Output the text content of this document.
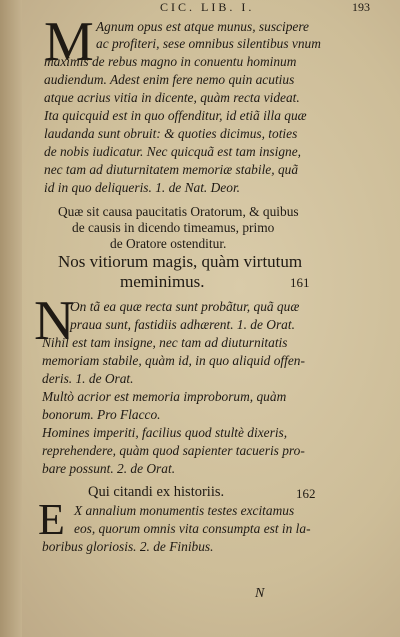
CIC. LIB. I.	193
M Agnum opus est atque munus, suscipere
ac profiteri, sese omnibus silentibus vnum
maximis de rebus magno in conuentu hominum
audiendum. Adest enim fere nemo quin acutius
atque acrius vitia in dicente, quàm recta videat.
Ita quicquid est in quo offenditur, id etiã illa quæ
laudanda sunt obruit: & quoties dicimus, toties
de nobis iudicatur. Nec quicquã est tam insigne,
nec tam ad diuturnitatem memoriæ stabile, quã
id in quo deliqueris. 1. de Nat. Deor.
Quæ sit causa paucitatis Oratorum, & quibus
de causis in dicendo timeamus, primo
de Oratore ostenditur.
Nos vitiorum magis, quàm virtutum
meminimus.	161
N
On tã ea quæ recta sunt probãtur, quã quæ
praua sunt, fastidiis adhærent. 1. de Orat.
Nihil est tam insigne, nec tam ad diuturnitatis
memoriam stabile, quàm id, in quo aliquid offen-
deris. 1. de Orat.
Multò acrior est memoria improborum, quàm
bonorum. Pro Flacco.
Homines imperiti, facilius quod stultè dixeris,
reprehendere, quàm quod sapienter tacueris pro-
bare possunt. 2. de Orat.
Qui citandi ex historiis.	162
E X annalium monumentis testes excitamus
eos, quorum omnis vita consumpta est in la-
boribus gloriosis. 2. de Finibus.
N
